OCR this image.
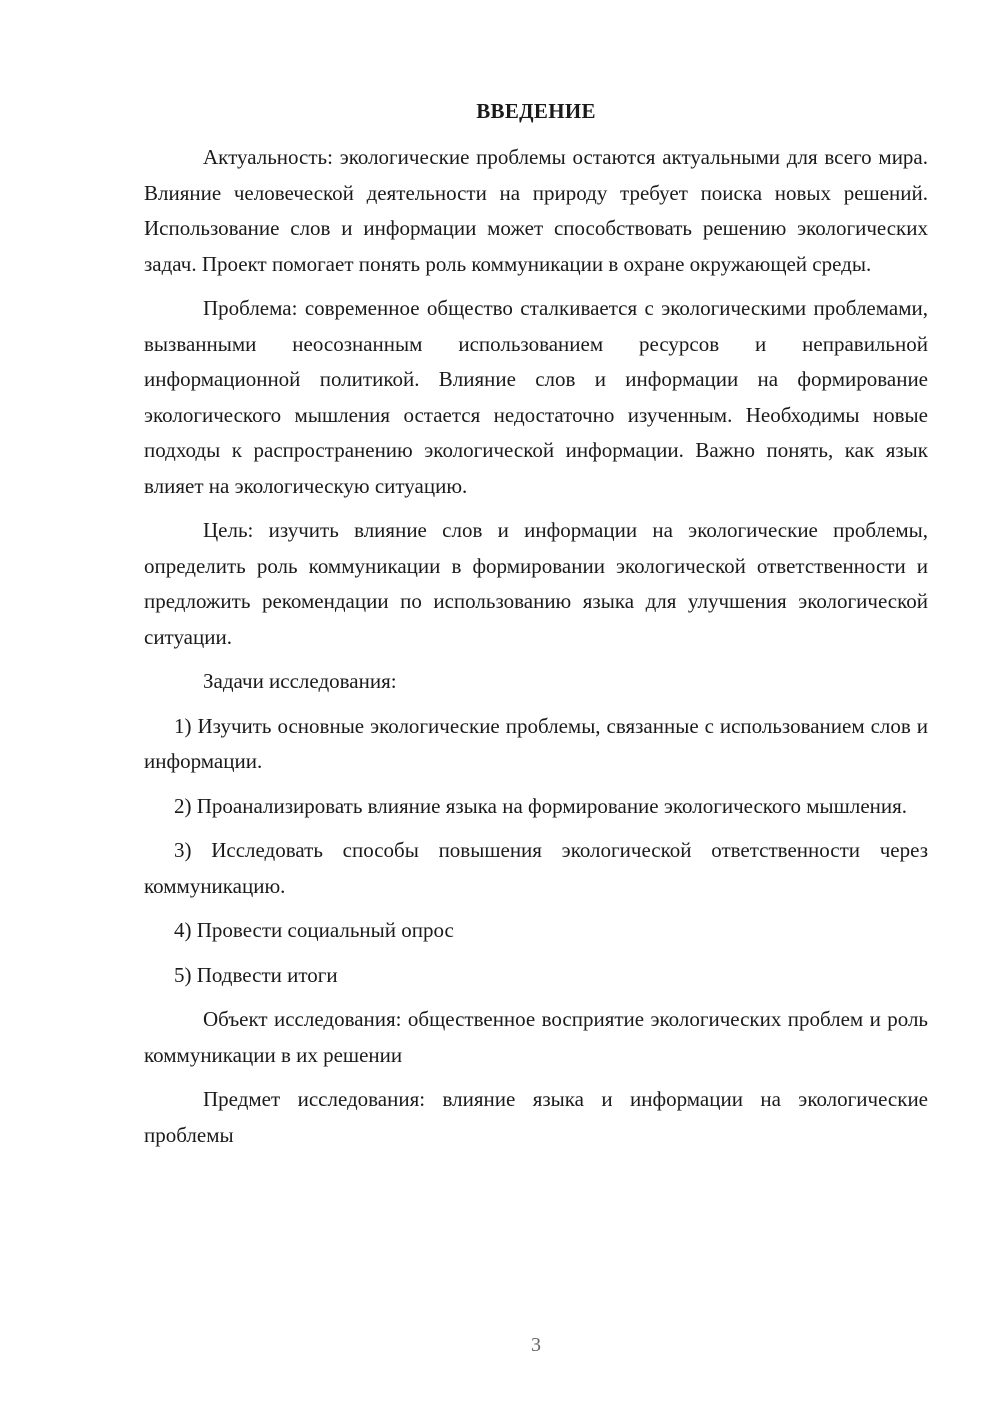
ВВЕДЕНИЕ

Актуальность: экологические проблемы остаются актуальными для всего мира. Влияние человеческой деятельности на природу требует поиска новых решений. Использование слов и информации может способствовать решению экологических задач. Проект помогает понять роль коммуникации в охране окружающей среды.

Проблема: современное общество сталкивается с экологическими проблемами, вызванными неосознанным использованием ресурсов и неправильной информационной политикой. Влияние слов и информации на формирование экологического мышления остается недостаточно изученным. Необходимы новые подходы к распространению экологической информации. Важно понять, как язык влияет на экологическую ситуацию.

Цель: изучить влияние слов и информации на экологические проблемы, определить роль коммуникации в формировании экологической ответственности и предложить рекомендации по использованию языка для улучшения экологической ситуации.

Задачи исследования:

1) Изучить основные экологические проблемы, связанные с использованием слов и информации.

2) Проанализировать влияние языка на формирование экологического мышления.

3) Исследовать способы повышения экологической ответственности через коммуникацию.

4) Провести социальный опрос

5) Подвести итоги

Объект исследования: общественное восприятие экологических проблем и роль коммуникации в их решении

Предмет исследования: влияние языка и информации на экологические проблемы

3
